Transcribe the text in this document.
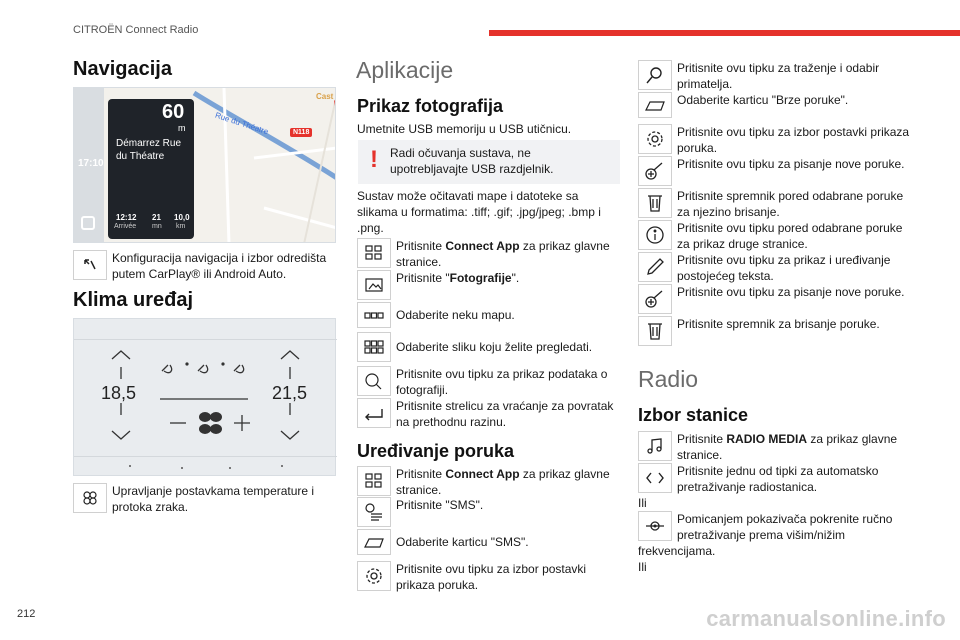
CITROËN Connect Radio
Navigacija
17:10
N118
Rue du Théatre
Cast
60
m
Démarrez Rue du Théatre
12:12
Arrivée
21
mn
10,0
km
Konfiguracija navigacija i izbor odredišta putem CarPlay® ili Android Auto.
Klima uređaj
18,5	21,5
Upravljanje postavkama temperature i protoka zraka.
Aplikacije
Prikaz fotografija
Umetnite USB memoriju u USB utičnicu.
! Radi očuvanja sustava, ne upotrebljavajte USB razdjelnik.
Sustav može očitavati mape i datoteke sa slikama u formatima: .tiff; .gif; .jpg/jpeg; .bmp i .png.
Pritisnite Connect App za prikaz glavne stranice.
Pritisnite "Fotografije".
Odaberite neku mapu.
Odaberite sliku koju želite pregledati.
Pritisnite ovu tipku za prikaz podataka o fotografiji.
Pritisnite strelicu za vraćanje za povratak na prethodnu razinu.
Uređivanje poruka
Pritisnite Connect App za prikaz glavne stranice.
Pritisnite "SMS".
Odaberite karticu "SMS".
Pritisnite ovu tipku za izbor postavki prikaza poruka.
Pritisnite ovu tipku za traženje i odabir primatelja.
Odaberite karticu "Brze poruke".
Pritisnite ovu tipku za izbor postavki prikaza poruka.
Pritisnite ovu tipku za pisanje nove poruke.
Pritisnite spremnik pored odabrane poruke za njezino brisanje.
Pritisnite ovu tipku pored odabrane poruke za prikaz druge stranice.
Pritisnite ovu tipku za prikaz i uređivanje postojećeg teksta.
Pritisnite ovu tipku za pisanje nove poruke.
Pritisnite spremnik za brisanje poruke.
Radio
Izbor stanice
Pritisnite RADIO MEDIA za prikaz glavne stranice.
Pritisnite jednu od tipki za automatsko pretraživanje radiostanica.
Ili
Pomicanjem pokazivača pokrenite ručno pretraživanje prema višim/nižim
frekvencijama.
Ili
212	carmanualsonline.info
